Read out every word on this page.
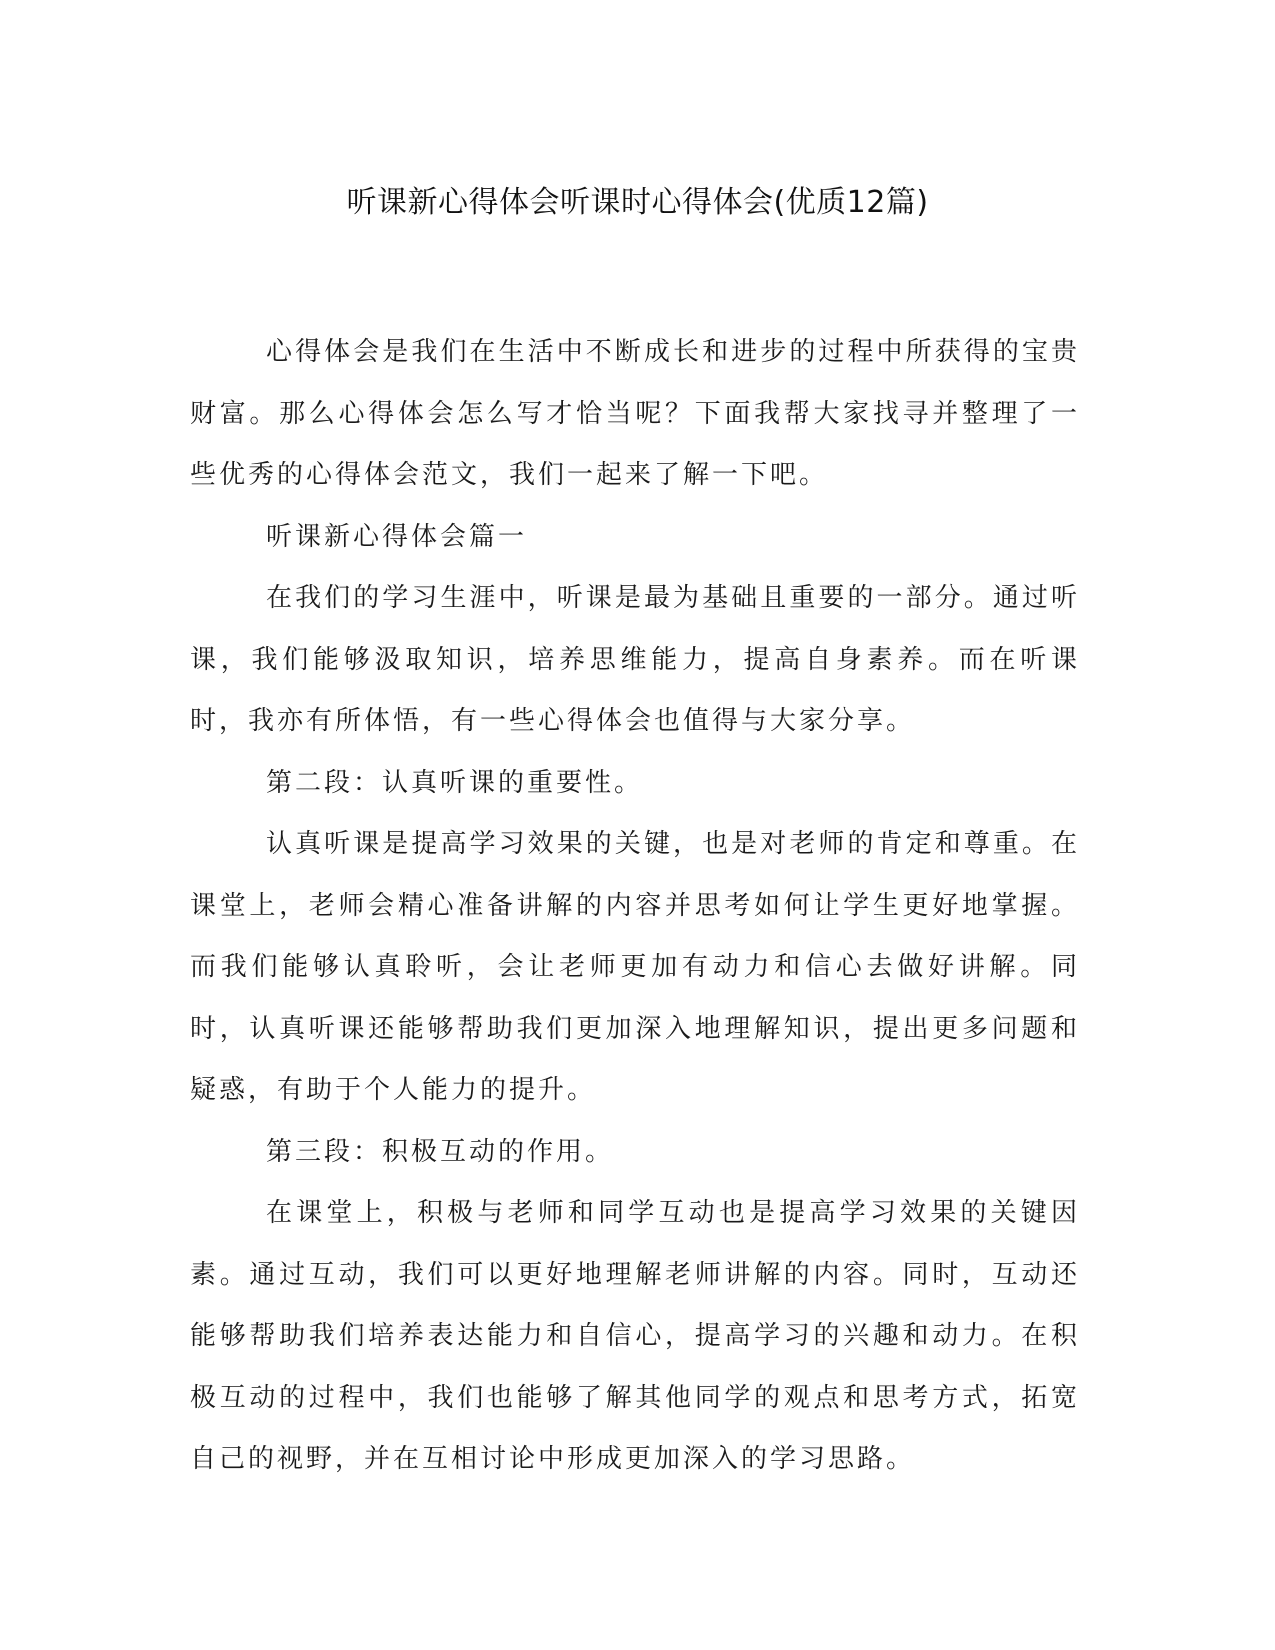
听课新心得体会听课时心得体会(优质12篇)

心得体会是我们在生活中不断成长和进步的过程中所获得的宝贵财富。那么心得体会怎么写才恰当呢？下面我帮大家找寻并整理了一些优秀的心得体会范文，我们一起来了解一下吧。

听课新心得体会篇一

在我们的学习生涯中，听课是最为基础且重要的一部分。通过听课，我们能够汲取知识，培养思维能力，提高自身素养。而在听课时，我亦有所体悟，有一些心得体会也值得与大家分享。

第二段：认真听课的重要性。

认真听课是提高学习效果的关键，也是对老师的肯定和尊重。在课堂上，老师会精心准备讲解的内容并思考如何让学生更好地掌握。而我们能够认真聆听，会让老师更加有动力和信心去做好讲解。同时，认真听课还能够帮助我们更加深入地理解知识，提出更多问题和疑惑，有助于个人能力的提升。

第三段：积极互动的作用。

在课堂上，积极与老师和同学互动也是提高学习效果的关键因素。通过互动，我们可以更好地理解老师讲解的内容。同时，互动还能够帮助我们培养表达能力和自信心，提高学习的兴趣和动力。在积极互动的过程中，我们也能够了解其他同学的观点和思考方式，拓宽自己的视野，并在互相讨论中形成更加深入的学习思路。
